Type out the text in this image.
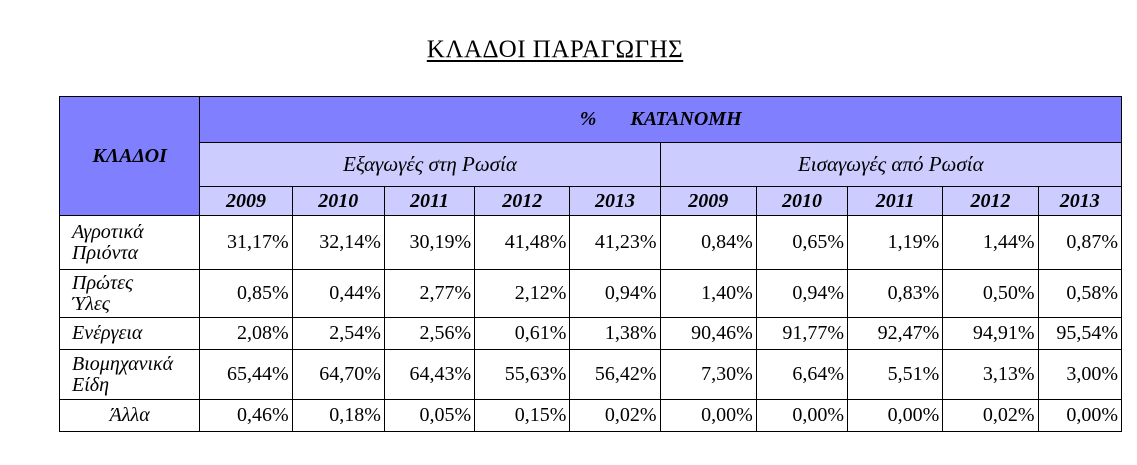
ΚΛΑΔΟΙ ΠΑΡΑΓΩΓΗΣ
ΚΛΑΔΟΙ	% ΚΑΤΑΝΟΜΗ									
	Εξαγωγές στη Ρωσία					Εισαγωγές από Ρωσία				
	2009	2010	2011	2012	2013	2009	2010	2011	2012	2013
Αγροτικά
Πριόντα	31,17%	32,14%	30,19%	41,48%	41,23%	0,84%	0,65%	1,19%	1,44%	0,87%
Πρώτες
Ύλες	0,85%	0,44%	2,77%	2,12%	0,94%	1,40%	0,94%	0,83%	0,50%	0,58%
Ενέργεια	2,08%	2,54%	2,56%	0,61%	1,38%	90,46%	91,77%	92,47%	94,91%	95,54%
Βιομηχανικά
Είδη	65,44%	64,70%	64,43%	55,63%	56,42%	7,30%	6,64%	5,51%	3,13%	3,00%
Άλλα	0,46%	0,18%	0,05%	0,15%	0,02%	0,00%	0,00%	0,00%	0,02%	0,00%
